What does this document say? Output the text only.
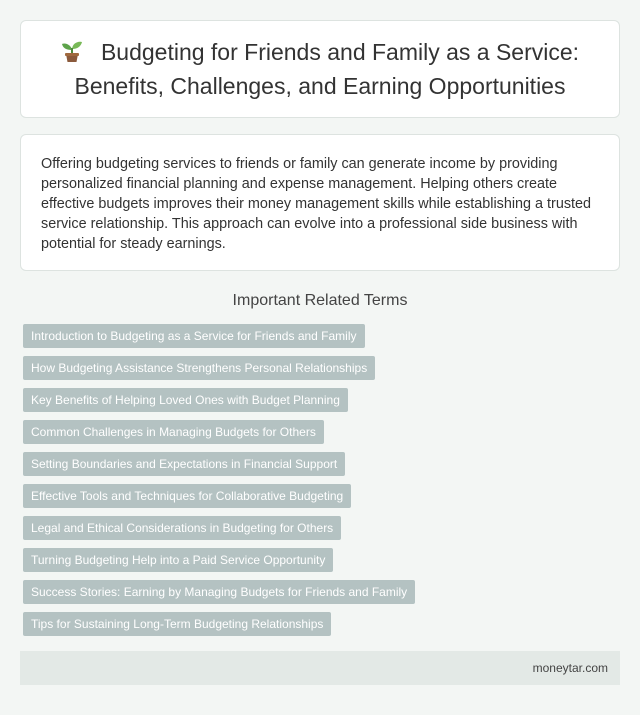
Budgeting for Friends and Family as a Service: Benefits, Challenges, and Earning Opportunities

Offering budgeting services to friends or family can generate income by providing personalized financial planning and expense management. Helping others create effective budgets improves their money management skills while establishing a trusted service relationship. This approach can evolve into a professional side business with potential for steady earnings.

Important Related Terms
Introduction to Budgeting as a Service for Friends and Family
How Budgeting Assistance Strengthens Personal Relationships
Key Benefits of Helping Loved Ones with Budget Planning
Common Challenges in Managing Budgets for Others
Setting Boundaries and Expectations in Financial Support
Effective Tools and Techniques for Collaborative Budgeting
Legal and Ethical Considerations in Budgeting for Others
Turning Budgeting Help into a Paid Service Opportunity
Success Stories: Earning by Managing Budgets for Friends and Family
Tips for Sustaining Long-Term Budgeting Relationships
moneytar.com
